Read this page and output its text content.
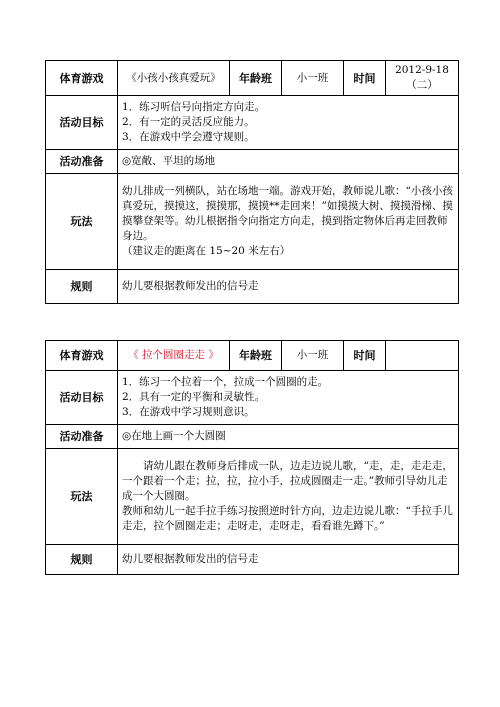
体育游戏	《小孩小孩真爱玩》	年龄班	小一班	时间	2012-9-18（二）
活动目标	1．练习听信号向指定方向走。
2．有一定的灵活反应能力。
3．在游戏中学会遵守规则。				

活动准备	◎宽敞、平坦的场地				
玩法	幼儿排成一列横队，站在场地一端。游戏开始，教师说儿歌：“小孩小孩真爱玩，摸摸这，摸摸那，摸摸**走回来！”如摸摸大树、摸摸滑梯、摸摸攀登架等。幼儿根据指令向指定方向走，摸到指定物体后再走回教师身边。
（建议走的距离在 15~20 米左右）				

规则	幼儿要根据教师发出的信号走				
体育游戏	《 拉个圆圈走走 》	年龄班	小一班	时间	
活动目标	1．练习一个拉着一个，拉成一个圆圈的走。
2．具有一定的平衡和灵敏性。
3．在游戏中学习规则意识。				

活动准备	◎在地上画一个大圆圈				
玩法	请幼儿跟在教师身后排成一队，边走边说儿歌，“走，走，走走走，一个跟着一个走；拉，拉，拉小手，拉成圆圈走一走。”教师引导幼儿走成一个大圆圈。
教师和幼儿一起手拉手练习按照逆时针方向，边走边说儿歌：“手拉手儿走走，拉个圆圈走走；走呀走，走呀走，看看谁先蹲下。”				

规则	幼儿要根据教师发出的信号走				
